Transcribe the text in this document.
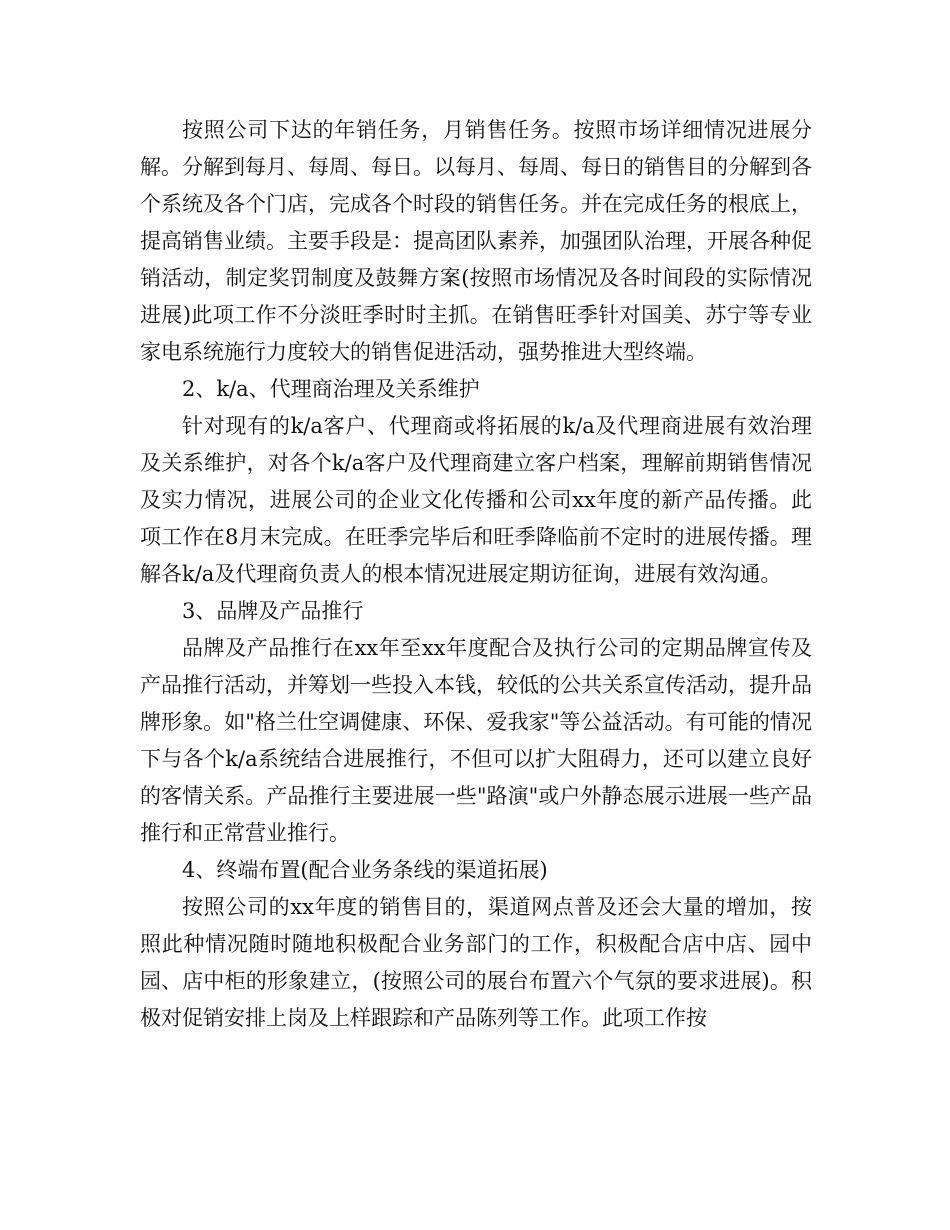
按照公司下达的年销任务，月销售任务。按照市场详细情况进展分解。分解到每月、每周、每日。以每月、每周、每日的销售目的分解到各个系统及各个门店，完成各个时段的销售任务。并在完成任务的根底上，提高销售业绩。主要手段是：提高团队素养，加强团队治理，开展各种促销活动，制定奖罚制度及鼓舞方案(按照市场情况及各时间段的实际情况进展)此项工作不分淡旺季时时主抓。在销售旺季针对国美、苏宁等专业家电系统施行力度较大的销售促进活动，强势推进大型终端。

2、k/a、代理商治理及关系维护

针对现有的k/a客户、代理商或将拓展的k/a及代理商进展有效治理及关系维护，对各个k/a客户及代理商建立客户档案，理解前期销售情况及实力情况，进展公司的企业文化传播和公司xx年度的新产品传播。此项工作在8月末完成。在旺季完毕后和旺季降临前不定时的进展传播。理解各k/a及代理商负责人的根本情况进展定期访征询，进展有效沟通。

3、品牌及产品推行

品牌及产品推行在xx年至xx年度配合及执行公司的定期品牌宣传及产品推行活动，并筹划一些投入本钱，较低的公共关系宣传活动，提升品牌形象。如"格兰仕空调健康、环保、爱我家"等公益活动。有可能的情况下与各个k/a系统结合进展推行，不但可以扩大阻碍力，还可以建立良好的客情关系。产品推行主要进展一些"路演"或户外静态展示进展一些产品推行和正常营业推行。

4、终端布置(配合业务条线的渠道拓展)

按照公司的xx年度的销售目的，渠道网点普及还会大量的增加，按照此种情况随时随地积极配合业务部门的工作，积极配合店中店、园中园、店中柜的形象建立，(按照公司的展台布置六个气氛的要求进展)。积极对促销安排上岗及上样跟踪和产品陈列等工作。此项工作按
